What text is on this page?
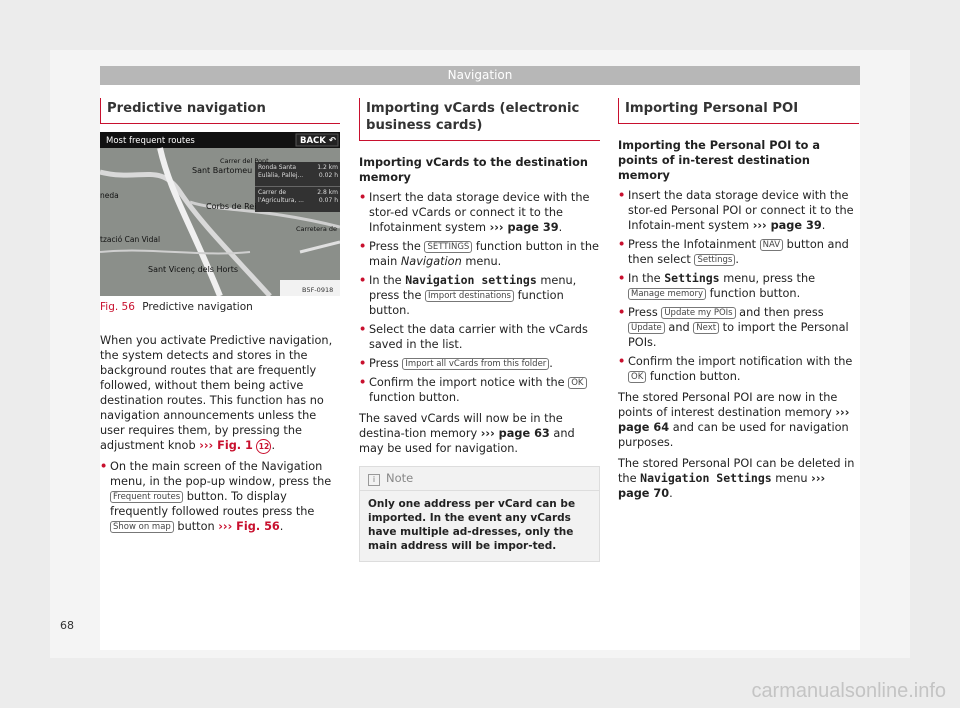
Navigation
Predictive navigation
Most frequent routes	BACK ↶
Carrer del Pont
Sant Bartomeu
neda
Corbs de Rei
tzació Can Vidal
Sant Vicenç dels Horts
Carretera de
Ronda Santa	1.2 km
Eulàlia, Pallej...	0.02 h
Carrer de	2.8 km
l'Agricultura, ... 0.07 h
B5F-0918
Fig. 56 Predictive navigation

When you activate Predictive navigation, the system detects and stores in the background routes that are frequently followed, without them being active destination routes. This function has no navigation announcements unless the user requires them, by pressing the adjustment knob ››› Fig. 1 12 .

• On the main screen of the Navigation menu, in the pop-up window, press the Frequent routes button. To display frequently followed routes press the Show on map button ››› Fig. 56.
Importing vCards (electronic business cards)
Importing vCards to the destination memory
• Insert the data storage device with the stor-ed vCards or connect it to the Infotainment system ››› page 39.
• Press the SETTINGS function button in the main Navigation menu.
• In the Navigation settings menu, press the Import destinations function button.
• Select the data carrier with the vCards saved in the list.
• Press Import all vCards from this folder .
• Confirm the import notice with the OK function button.

The saved vCards will now be in the destina-tion memory ››› page 63 and may be used for navigation.

i Note
Only one address per vCard can be imported. In the event any vCards have multiple ad-dresses, only the main address will be impor-ted.
Importing Personal POI
Importing the Personal POI to a points of in-terest destination memory
• Insert the data storage device with the stor-ed Personal POI or connect it to the Infotain-ment system ››› page 39.
• Press the Infotainment NAV button and then select Settings .
• In the Settings menu, press the Manage memory function button.
• Press Update my POIs and then press Update and Next to import the Personal POIs.
• Confirm the import notification with the OK function button.

The stored Personal POI are now in the points of interest destination memory ››› page 64 and can be used for navigation purposes.

The stored Personal POI can be deleted in the Navigation Settings menu ››› page 70.

68
carmanualsonline.info
